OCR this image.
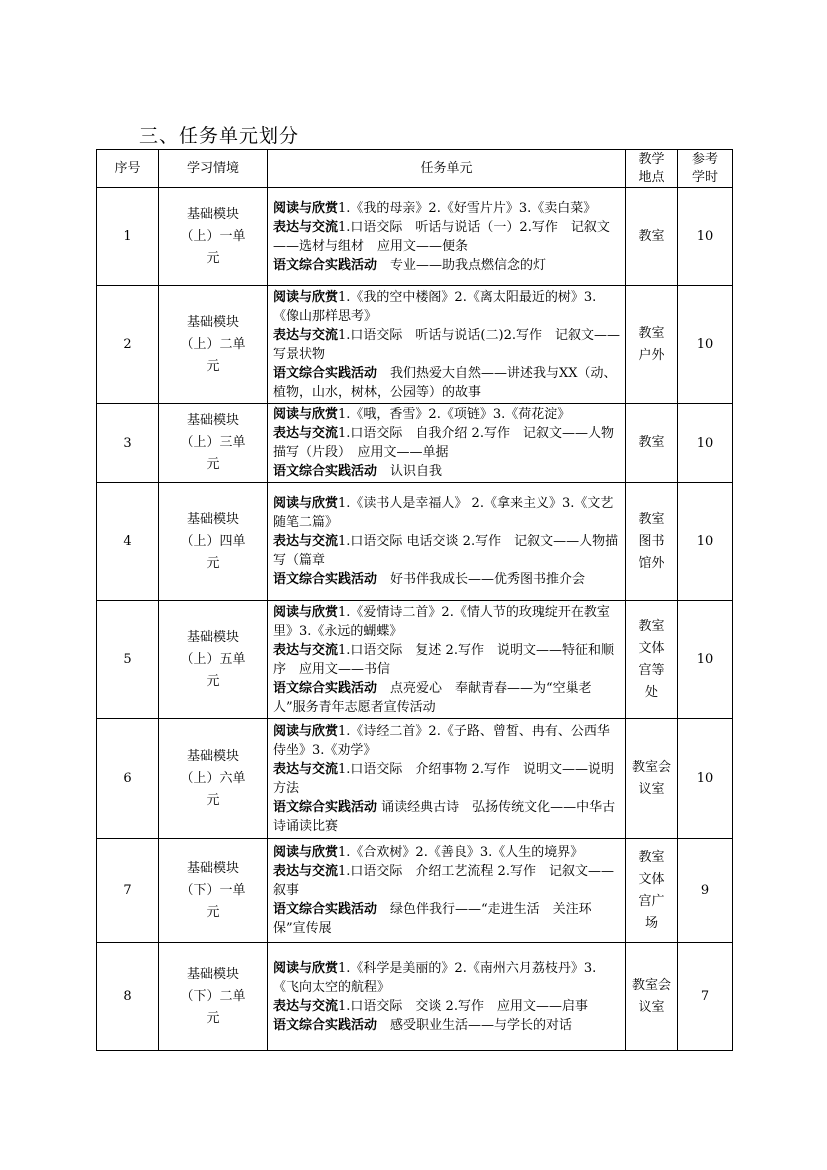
三、任务单元划分
序号	学习情境	任务单元	教学地点	参考学时
1	基础模块（上）一单元	阅读与欣赏1.《我的母亲》2.《好雪片片》3.《卖白菜》
表达与交流1.口语交际　听话与说话（一）2.写作　记叙文——选材与组材　应用文——便条
语文综合实践活动　专业——助我点燃信念的灯	教室	10
2	基础模块（上）二单元	阅读与欣赏1.《我的空中楼阁》2.《离太阳最近的树》3.《像山那样思考》
表达与交流1.口语交际　听话与说话(二)2.写作　记叙文——写景状物
语文综合实践活动　我们热爱大自然——讲述我与XX（动、植物，山水，树林，公园等）的故事	教室户外	10
3	基础模块（上）三单元	阅读与欣赏1.《哦，香雪》2.《项链》3.《荷花淀》
表达与交流1.口语交际　自我介绍 2.写作　记叙文——人物描写（片段）　应用文——单据
语文综合实践活动　认识自我	教室	10
4	基础模块（上）四单元	阅读与欣赏1.《读书人是幸福人》 2.《拿来主义》3.《文艺随笔二篇》
表达与交流1.口语交际 电话交谈 2.写作　记叙文——人物描写（篇章
语文综合实践活动　好书伴我成长——优秀图书推介会	教室图书馆外	10
5	基础模块（上）五单元	阅读与欣赏1.《爱情诗二首》2.《情人节的玫瑰绽开在教室里》3.《永远的蝴蝶》
表达与交流1.口语交际　复述 2.写作　说明文——特征和顺序　应用文——书信
语文综合实践活动　点亮爱心　奉献青春——为“空巢老人”服务青年志愿者宣传活动	教室文体宫等处	10
6	基础模块（上）六单元	阅读与欣赏1.《诗经二首》2.《子路、曾皙、冉有、公西华侍坐》3.《劝学》
表达与交流1.口语交际　介绍事物 2.写作　说明文——说明方法
语文综合实践活动 诵读经典古诗　弘扬传统文化——中华古诗诵读比赛	教室会议室	10
7	基础模块（下）一单元	阅读与欣赏1.《合欢树》2.《善良》3.《人生的境界》
表达与交流1.口语交际　介绍工艺流程 2.写作　记叙文——叙事
语文综合实践活动　绿色伴我行——“走进生活　关注环保”宣传展	教室文体宫广场	9
8	基础模块（下）二单元	阅读与欣赏1.《科学是美丽的》2.《南州六月荔枝丹》3.《飞向太空的航程》
表达与交流1.口语交际　交谈 2.写作　应用文——启事
语文综合实践活动　感受职业生活——与学长的对话	教室会议室	7
